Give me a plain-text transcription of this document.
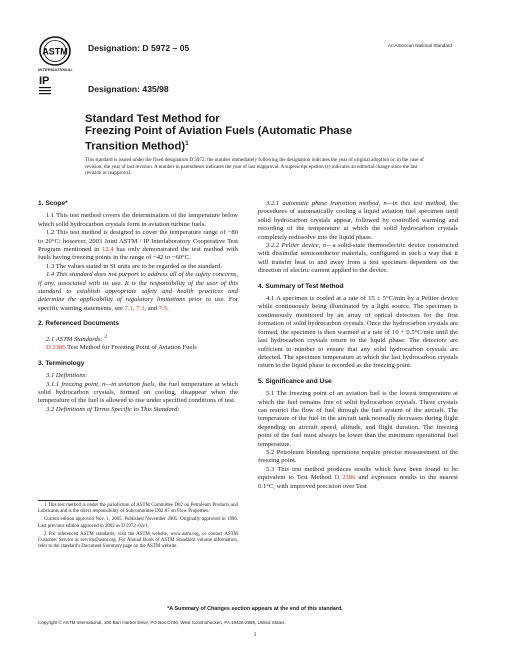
ASTM
INTERNATIONAL
Designation: D 5972 – 05	An American National Standard
IP
Designation: 435/98
Standard Test Method for
Freezing Point of Aviation Fuels (Automatic Phase
Transition Method)$^1$
This standard is issued under the fixed designation D 5972; the number immediately following the designation indicates the year of original adoption or, in the case of revision, the year of last revision. A number in parentheses indicates the year of last reapproval. A superscript epsilon (ε) indicates an editorial change since the last revision or reapproval.
1. Scope*

1.1 This test method covers the determination of the temperature below which solid hydrocarbon crystals form in aviation turbine fuels.

1.2 This test method is designed to cover the temperature range of −80 to 20°C; however, 2003 Joint ASTM / IP Interlaboratory Cooperative Test Program mentioned in 12.4 has only demonstrated the test method with fuels having freezing points in the range of −42 to −60°C.

1.3 The values stated in SI units are to be regarded as the standard.

1.4 This standard does not purport to address all of the safety concerns, if any, associated with its use. It is the responsibility of the user of this standard to establish appropriate safety and health practices and determine the applicability of regulatory limitations prior to use. For specific warning statements, see 7.1, 7.3, and 7.5.

2. Referenced Documents

2.1 ASTM Standards: $^2$

D 2386 Test Method for Freezing Point of Aviation Fuels

3. Terminology

3.1 Definitions:

3.1.1 freezing point, n—in aviation fuels, the fuel temperature at which solid hydrocarbon crystals, formed on cooling, disappear when the temperature of the fuel is allowed to rise under specified conditions of test.

3.2 Definitions of Terms Specific to This Standard:

1 This test method is under the jurisdiction of ASTM Committee D02 on Petroleum Products and Lubricants and is the direct responsibility of Subcommittee D02.07 on Flow Properties.

Current edition approved Nov. 1, 2005. Published November 2005. Originally approved in 1996. Last previous edition approved in 2002 as D 5972–02ε1.

2 For referenced ASTM standards, visit the ASTM website, www.astm.org, or contact ASTM Customer Service at service@astm.org. For Annual Book of ASTM Standards volume information, refer to the standard's Document Summary page on the ASTM website.

3.2.1 automatic phase transition method, n—in this test method, the procedures of automatically cooling a liquid aviation fuel specimen until solid hydrocarbon crystals appear, followed by controlled warming and recording of the temperature at which the solid hydrocarbon crystals completely redissolve into the liquid phase.

3.2.2 Peltier device, n—a solid-state thermoelectric device constructed with dissimilar semiconductor materials, configured in such a way that it will transfer heat to and away from a test specimen dependent on the direction of electric current applied to the device.

4. Summary of Test Method

4.1 A specimen is cooled at a rate of 15 ± 5°C/min by a Peltier device while continuously being illuminated by a light source. The specimen is continuously monitored by an array of optical detectors for the first formation of solid hydrocarbon crystals. Once the hydrocarbon crystals are formed, the specimen is then warmed at a rate of 10 + 0.5°C/min until the last hydrocarbon crystals return to the liquid phase. The detectors are sufficient in number to ensure that any solid hydrocarbon crystals are detected. The specimen temperature at which the last hydrocarbon crystals return to the liquid phase is recorded as the freezing point.

5. Significance and Use

5.1 The freezing point of an aviation fuel is the lowest temperature at which the fuel remains free of solid hydrocarbon crystals. These crystals can restrict the flow of fuel through the fuel system of the aircraft. The temperature of the fuel in the aircraft tank normally decreases during flight depending on aircraft speed, altitude, and flight duration. The freezing point of the fuel must always be lower than the minimum operational fuel temperature.

5.2 Petroleum blending operations require precise measurement of the freezing point.

5.3 This test method produces results which have been found to be equivalent to Test Method D 2386 and expresses results to the nearest 0.1°C, with improved precision over Test

*A Summary of Changes section appears at the end of this standard.
Copyright © ASTM International, 100 Barr Harbor Drive, PO Box C700, West Conshohocken, PA 19428-2959, United States.
1
